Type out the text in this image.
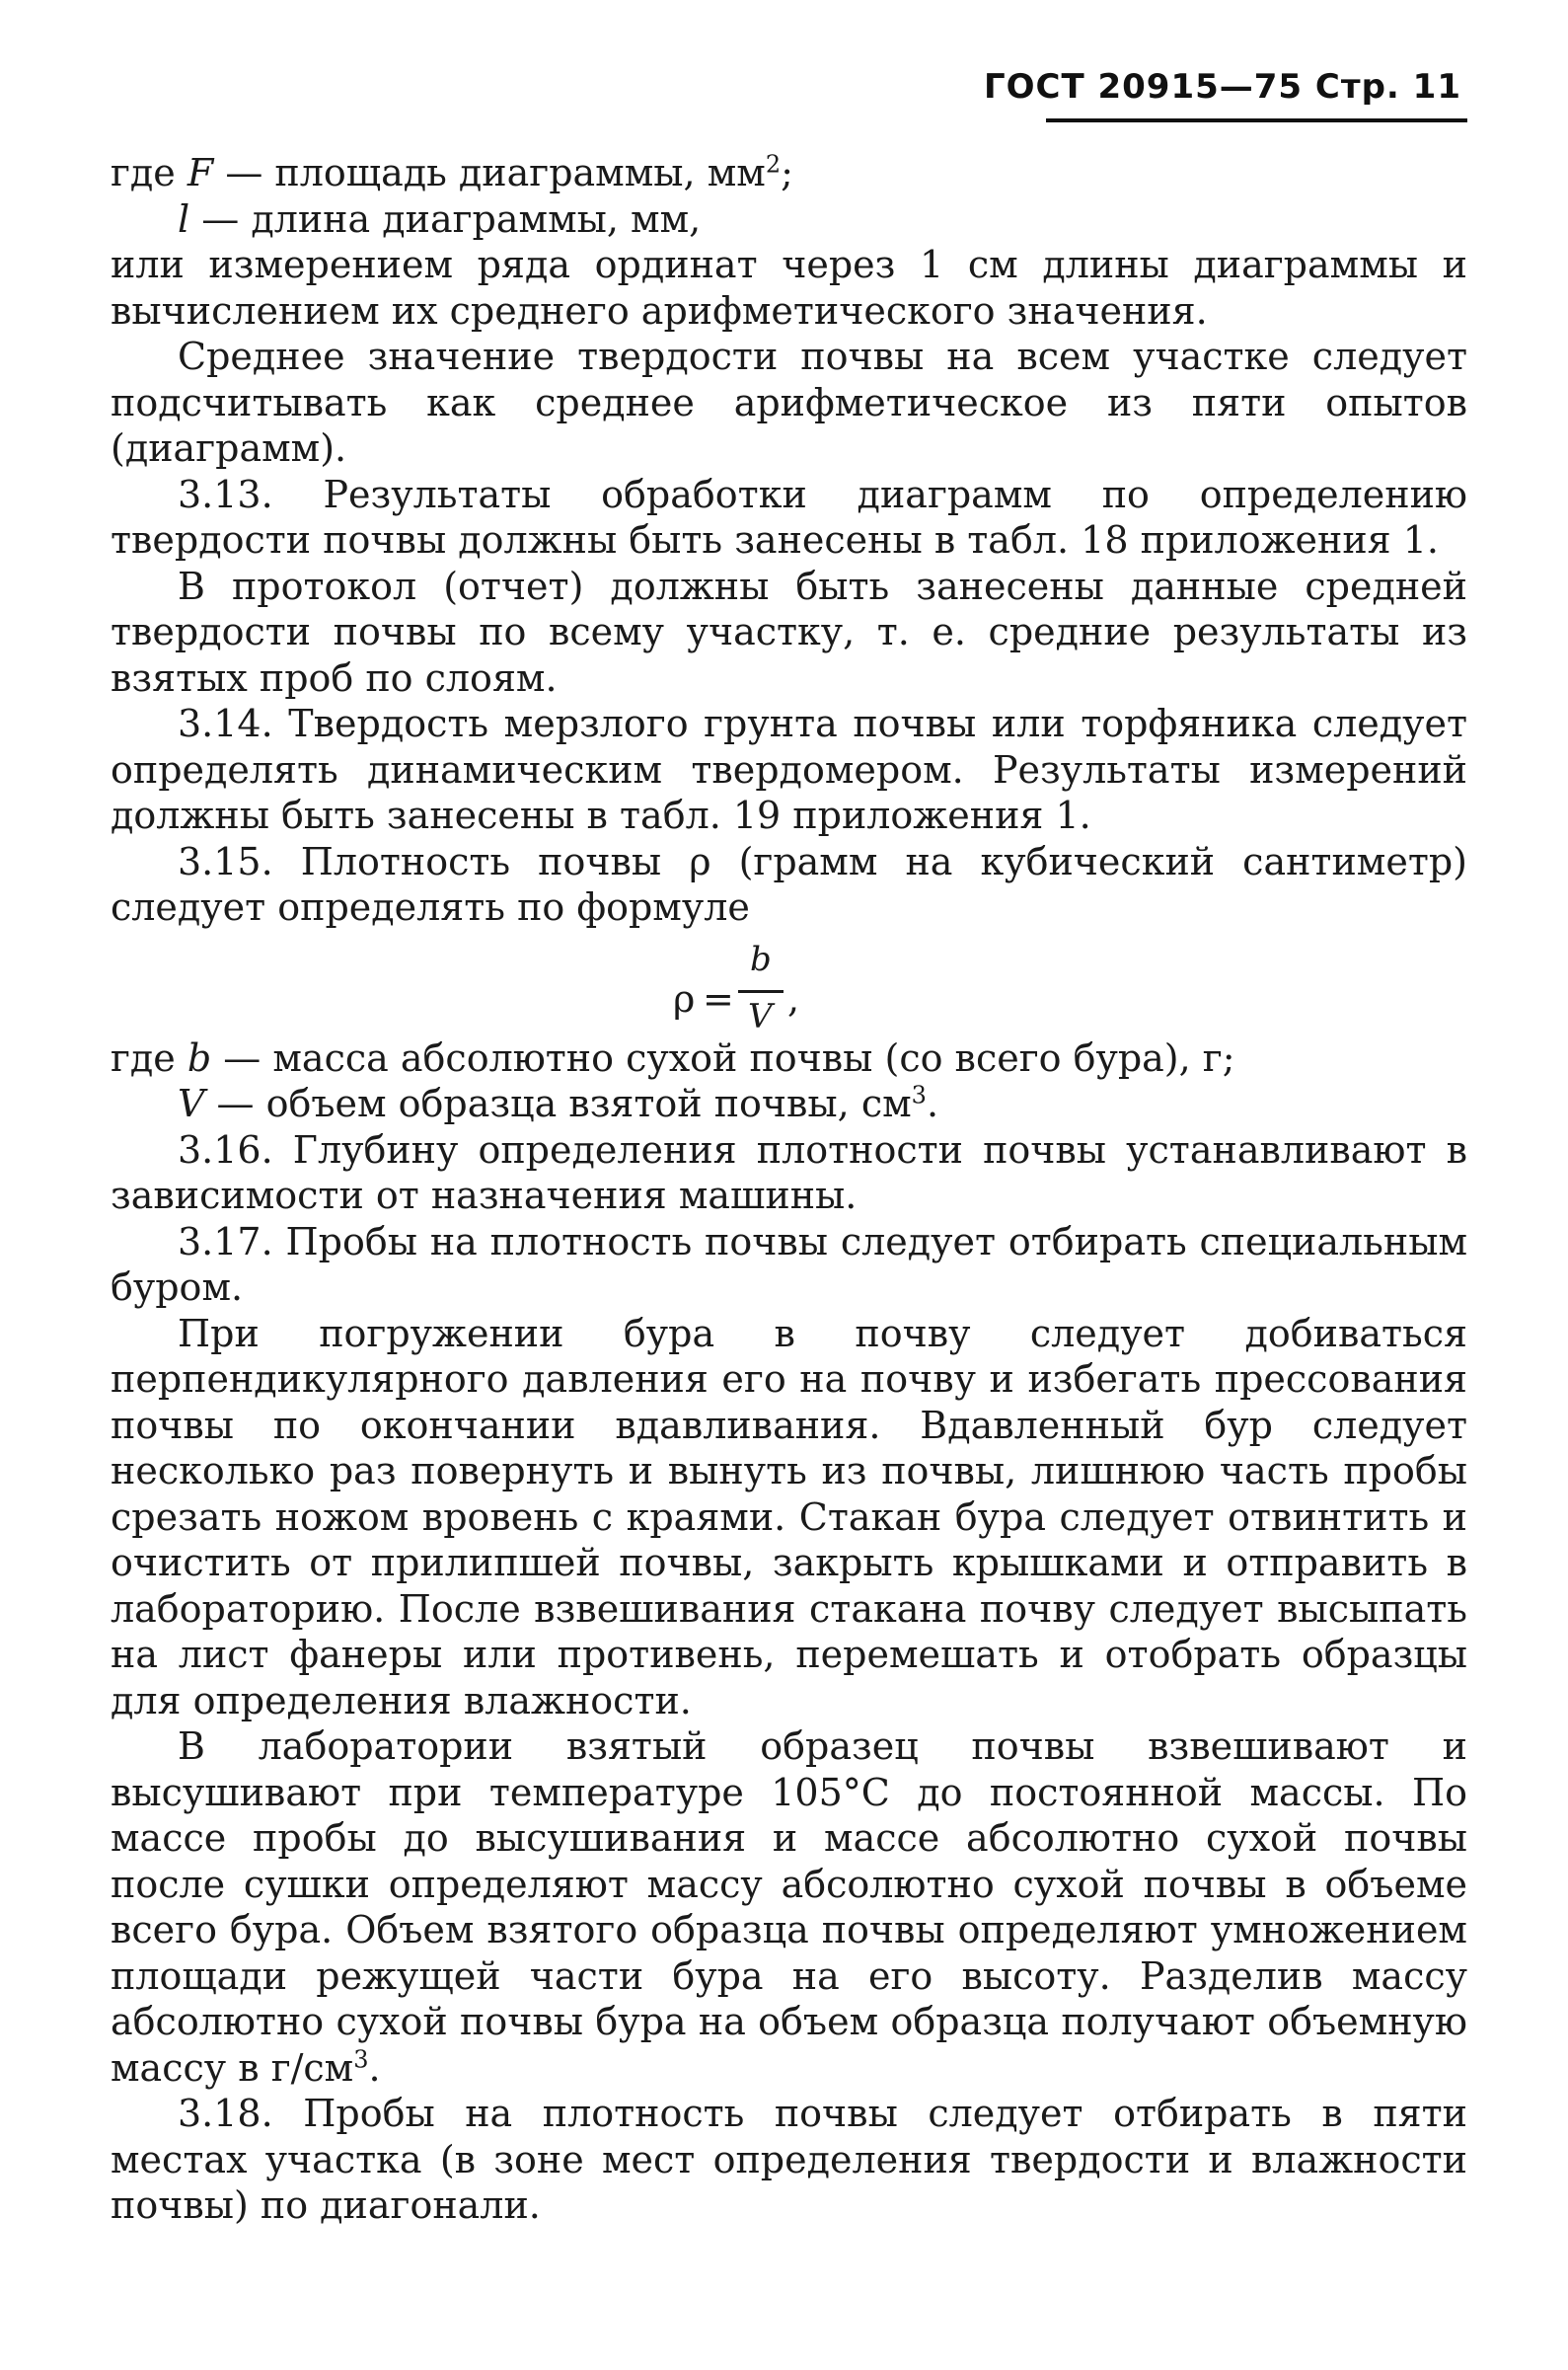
ГОСТ 20915—75 Стр. 11

где F — площадь диаграммы, $мм^2$;

l — длина диаграммы, мм,

или измерением ряда ординат через 1 см длины диаграммы и вычислением их среднего арифметического значения.

Среднее значение твердости почвы на всем участке следует подсчитывать как среднее арифметическое из пяти опытов (диаграмм).

3.13. Результаты обработки диаграмм по определению твердости почвы должны быть занесены в табл. 18 приложения 1.

В протокол (отчет) должны быть занесены данные средней твердости почвы по всему участку, т. е. средние результаты из взятых проб по слоям.

3.14. Твердость мерзлого грунта почвы или торфяника следует определять динамическим твердомером. Результаты измерений должны быть занесены в табл. 19 приложения 1.

3.15. Плотность почвы ρ (грамм на кубический сантиметр) следует определять по формуле

ρ =
b
V ,

где b — масса абсолютно сухой почвы (со всего бура), г;

V — объем образца взятой почвы, $см^3$.

3.16. Глубину определения плотности почвы устанавливают в зависимости от назначения машины.

3.17. Пробы на плотность почвы следует отбирать специальным буром.

При погружении бура в почву следует добиваться перпендикулярного давления его на почву и избегать прессования почвы по окончании вдавливания. Вдавленный бур следует несколько раз повернуть и вынуть из почвы, лишнюю часть пробы срезать ножом вровень с краями. Стакан бура следует отвинтить и очистить от прилипшей почвы, закрыть крышками и отправить в лабораторию. После взвешивания стакана почву следует высыпать на лист фанеры или противень, перемешать и отобрать образцы для определения влажности.

В лаборатории взятый образец почвы взвешивают и высушивают при температуре 105°С до постоянной массы. По массе пробы до высушивания и массе абсолютно сухой почвы после сушки определяют массу абсолютно сухой почвы в объеме всего бура. Объем взятого образца почвы определяют умножением площади режущей части бура на его высоту. Разделив массу абсолютно сухой почвы бура на объем образца получают объемную массу в $г/см^3$.

3.18. Пробы на плотность почвы следует отбирать в пяти местах участка (в зоне мест определения твердости и влажности почвы) по диагонали.
